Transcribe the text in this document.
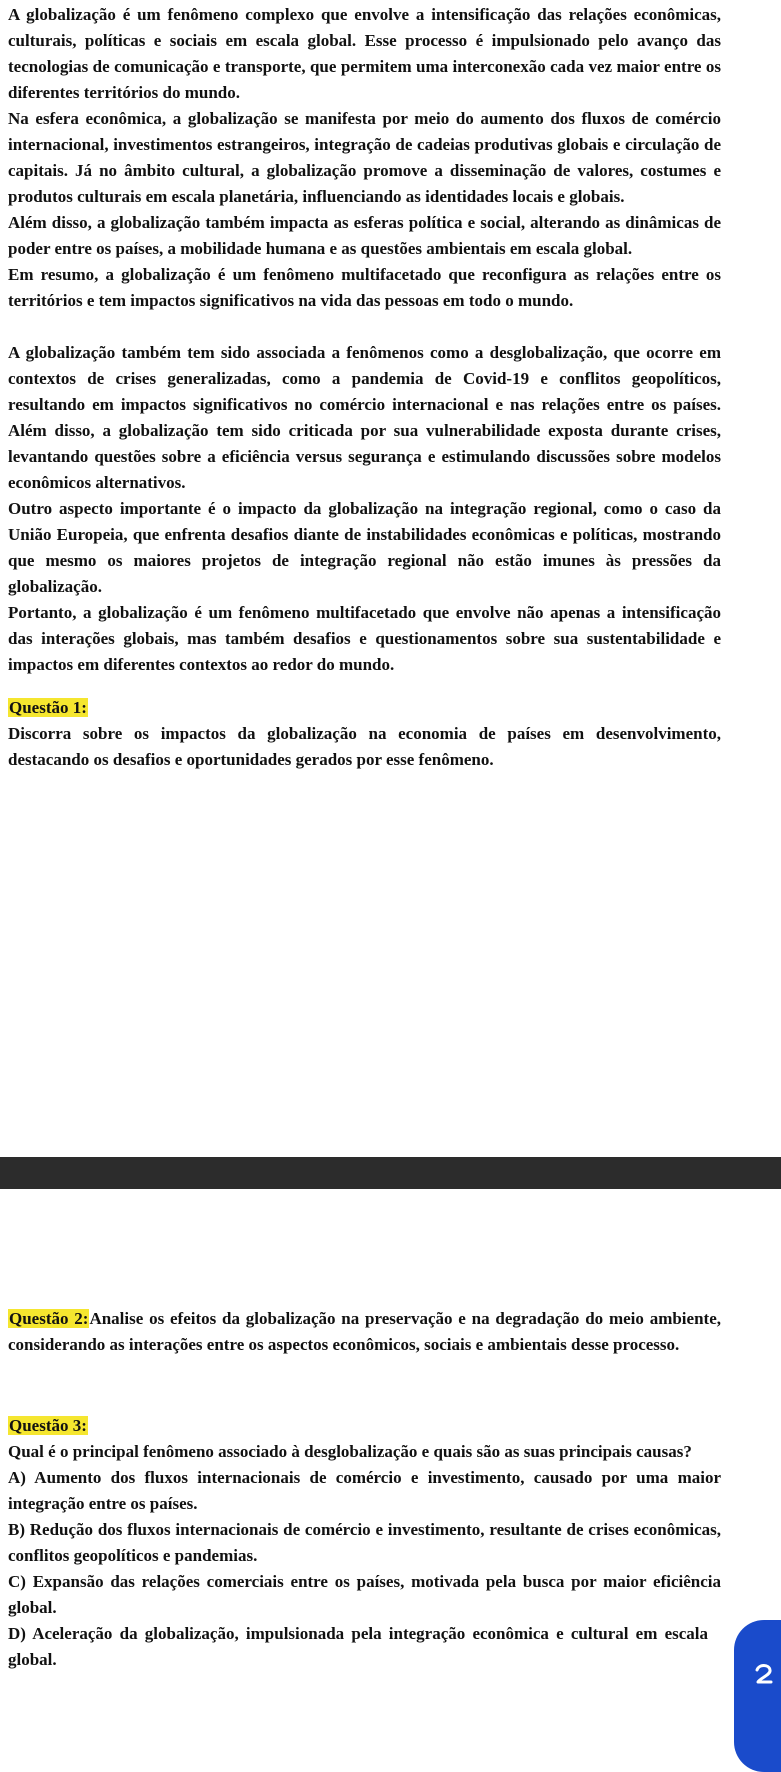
A globalização é um fenômeno complexo que envolve a intensificação das relações econômicas, culturais, políticas e sociais em escala global. Esse processo é impulsionado pelo avanço das tecnologias de comunicação e transporte, que permitem uma interconexão cada vez maior entre os diferentes territórios do mundo.

Na esfera econômica, a globalização se manifesta por meio do aumento dos fluxos de comércio internacional, investimentos estrangeiros, integração de cadeias produtivas globais e circulação de capitais. Já no âmbito cultural, a globalização promove a disseminação de valores, costumes e produtos culturais em escala planetária, influenciando as identidades locais e globais.

Além disso, a globalização também impacta as esferas política e social, alterando as dinâmicas de poder entre os países, a mobilidade humana e as questões ambientais em escala global.

Em resumo, a globalização é um fenômeno multifacetado que reconfigura as relações entre os territórios e tem impactos significativos na vida das pessoas em todo o mundo.

A globalização também tem sido associada a fenômenos como a desglobalização, que ocorre em contextos de crises generalizadas, como a pandemia de Covid-19 e conflitos geopolíticos, resultando em impactos significativos no comércio internacional e nas relações entre os países. Além disso, a globalização tem sido criticada por sua vulnerabilidade exposta durante crises, levantando questões sobre a eficiência versus segurança e estimulando discussões sobre modelos econômicos alternativos.

Outro aspecto importante é o impacto da globalização na integração regional, como o caso da União Europeia, que enfrenta desafios diante de instabilidades econômicas e políticas, mostrando que mesmo os maiores projetos de integração regional não estão imunes às pressões da globalização.

Portanto, a globalização é um fenômeno multifacetado que envolve não apenas a intensificação das interações globais, mas também desafios e questionamentos sobre sua sustentabilidade e impactos em diferentes contextos ao redor do mundo.

Questão 1:

Discorra sobre os impactos da globalização na economia de países em desenvolvimento, destacando os desafios e oportunidades gerados por esse fenômeno.

Questão 2:Analise os efeitos da globalização na preservação e na degradação do meio ambiente, considerando as interações entre os aspectos econômicos, sociais e ambientais desse processo.

Questão 3:

Qual é o principal fenômeno associado à desglobalização e quais são as suas principais causas?

A) Aumento dos fluxos internacionais de comércio e investimento, causado por uma maior integração entre os países.

B) Redução dos fluxos internacionais de comércio e investimento, resultante de crises econômicas, conflitos geopolíticos e pandemias.

C) Expansão das relações comerciais entre os países, motivada pela busca por maior eficiência global.

D) Aceleração da globalização, impulsionada pela integração econômica e cultural em escala global.
